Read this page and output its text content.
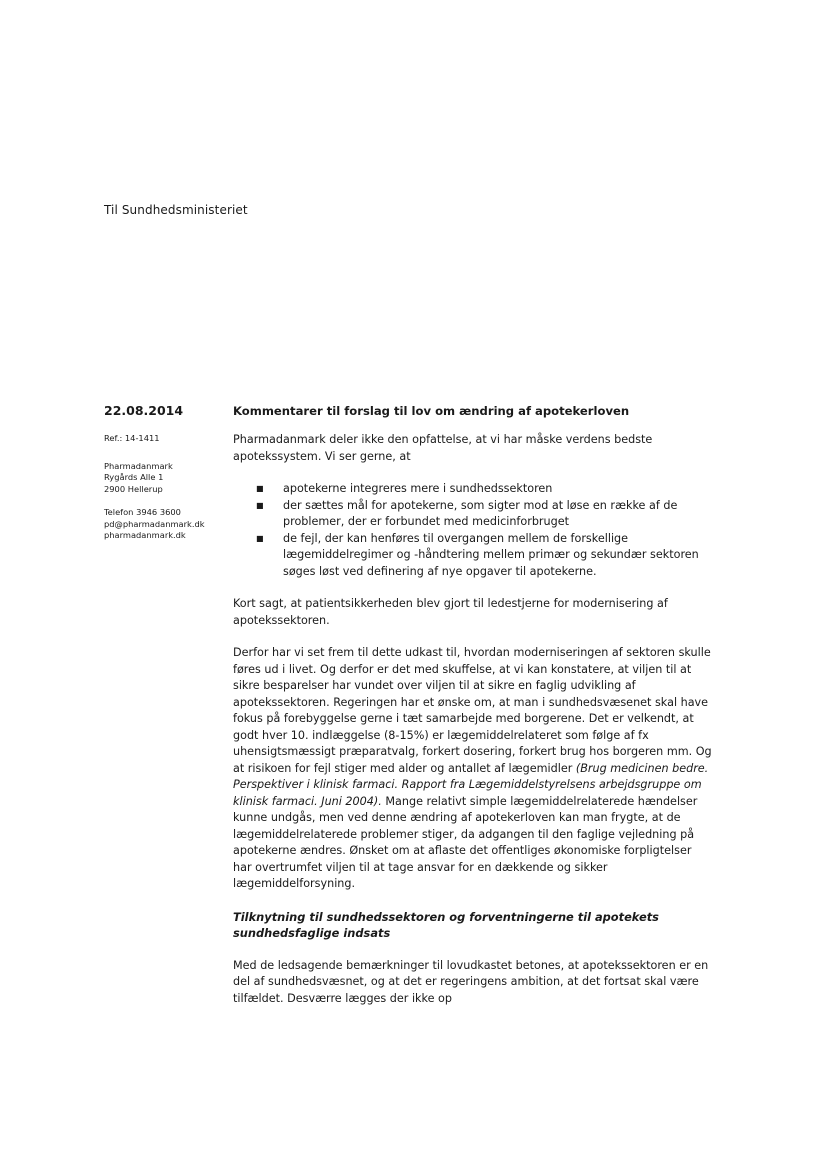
Til Sundhedsministeriet
22.08.2014
Ref.: 14-1411
Pharmadanmark
Rygårds Alle 1
2900 Hellerup
Telefon 3946 3600
pd@pharmadanmark.dk
pharmadanmark.dk
Kommentarer til forslag til lov om ændring af apotekerloven

Pharmadanmark deler ikke den opfattelse, at vi har måske verdens bedste apotekssystem. Vi ser gerne, at

■ apotekerne integreres mere i sundhedssektoren
■ der sættes mål for apotekerne, som sigter mod at løse en række af de problemer, der er forbundet med medicinforbruget
■ de fejl, der kan henføres til overgangen mellem de forskellige lægemiddelregimer og -håndtering mellem primær og sekundær sektoren søges løst ved definering af nye opgaver til apotekerne.

Kort sagt, at patientsikkerheden blev gjort til ledestjerne for modernisering af apotekssektoren.

Derfor har vi set frem til dette udkast til, hvordan moderniseringen af sektoren skulle føres ud i livet. Og derfor er det med skuffelse, at vi kan konstatere, at viljen til at sikre besparelser har vundet over viljen til at sikre en faglig udvikling af apotekssektoren. Regeringen har et ønske om, at man i sundhedsvæsenet skal have fokus på forebyggelse gerne i tæt samarbejde med borgerene. Det er velkendt, at godt hver 10. indlæggelse (8-15%) er lægemiddelrelateret som følge af fx uhensigtsmæssigt præparatvalg, forkert dosering, forkert brug hos borgeren mm. Og at risikoen for fejl stiger med alder og antallet af lægemidler (Brug medicinen bedre. Perspektiver i klinisk farmaci. Rapport fra Lægemiddelstyrelsens arbejdsgruppe om klinisk farmaci. Juni 2004). Mange relativt simple lægemiddelrelaterede hændelser kunne undgås, men ved denne ændring af apotekerloven kan man frygte, at de lægemiddelrelaterede problemer stiger, da adgangen til den faglige vejledning på apotekerne ændres. Ønsket om at aflaste det offentliges økonomiske forpligtelser har overtrumfet viljen til at tage ansvar for en dækkende og sikker lægemiddelforsyning.

Tilknytning til sundhedssektoren og forventningerne til apotekets sundhedsfaglige indsats

Med de ledsagende bemærkninger til lovudkastet betones, at apotekssektoren er en del af sundhedsvæsnet, og at det er regeringens ambition, at det fortsat skal være tilfældet. Desværre lægges der ikke op
